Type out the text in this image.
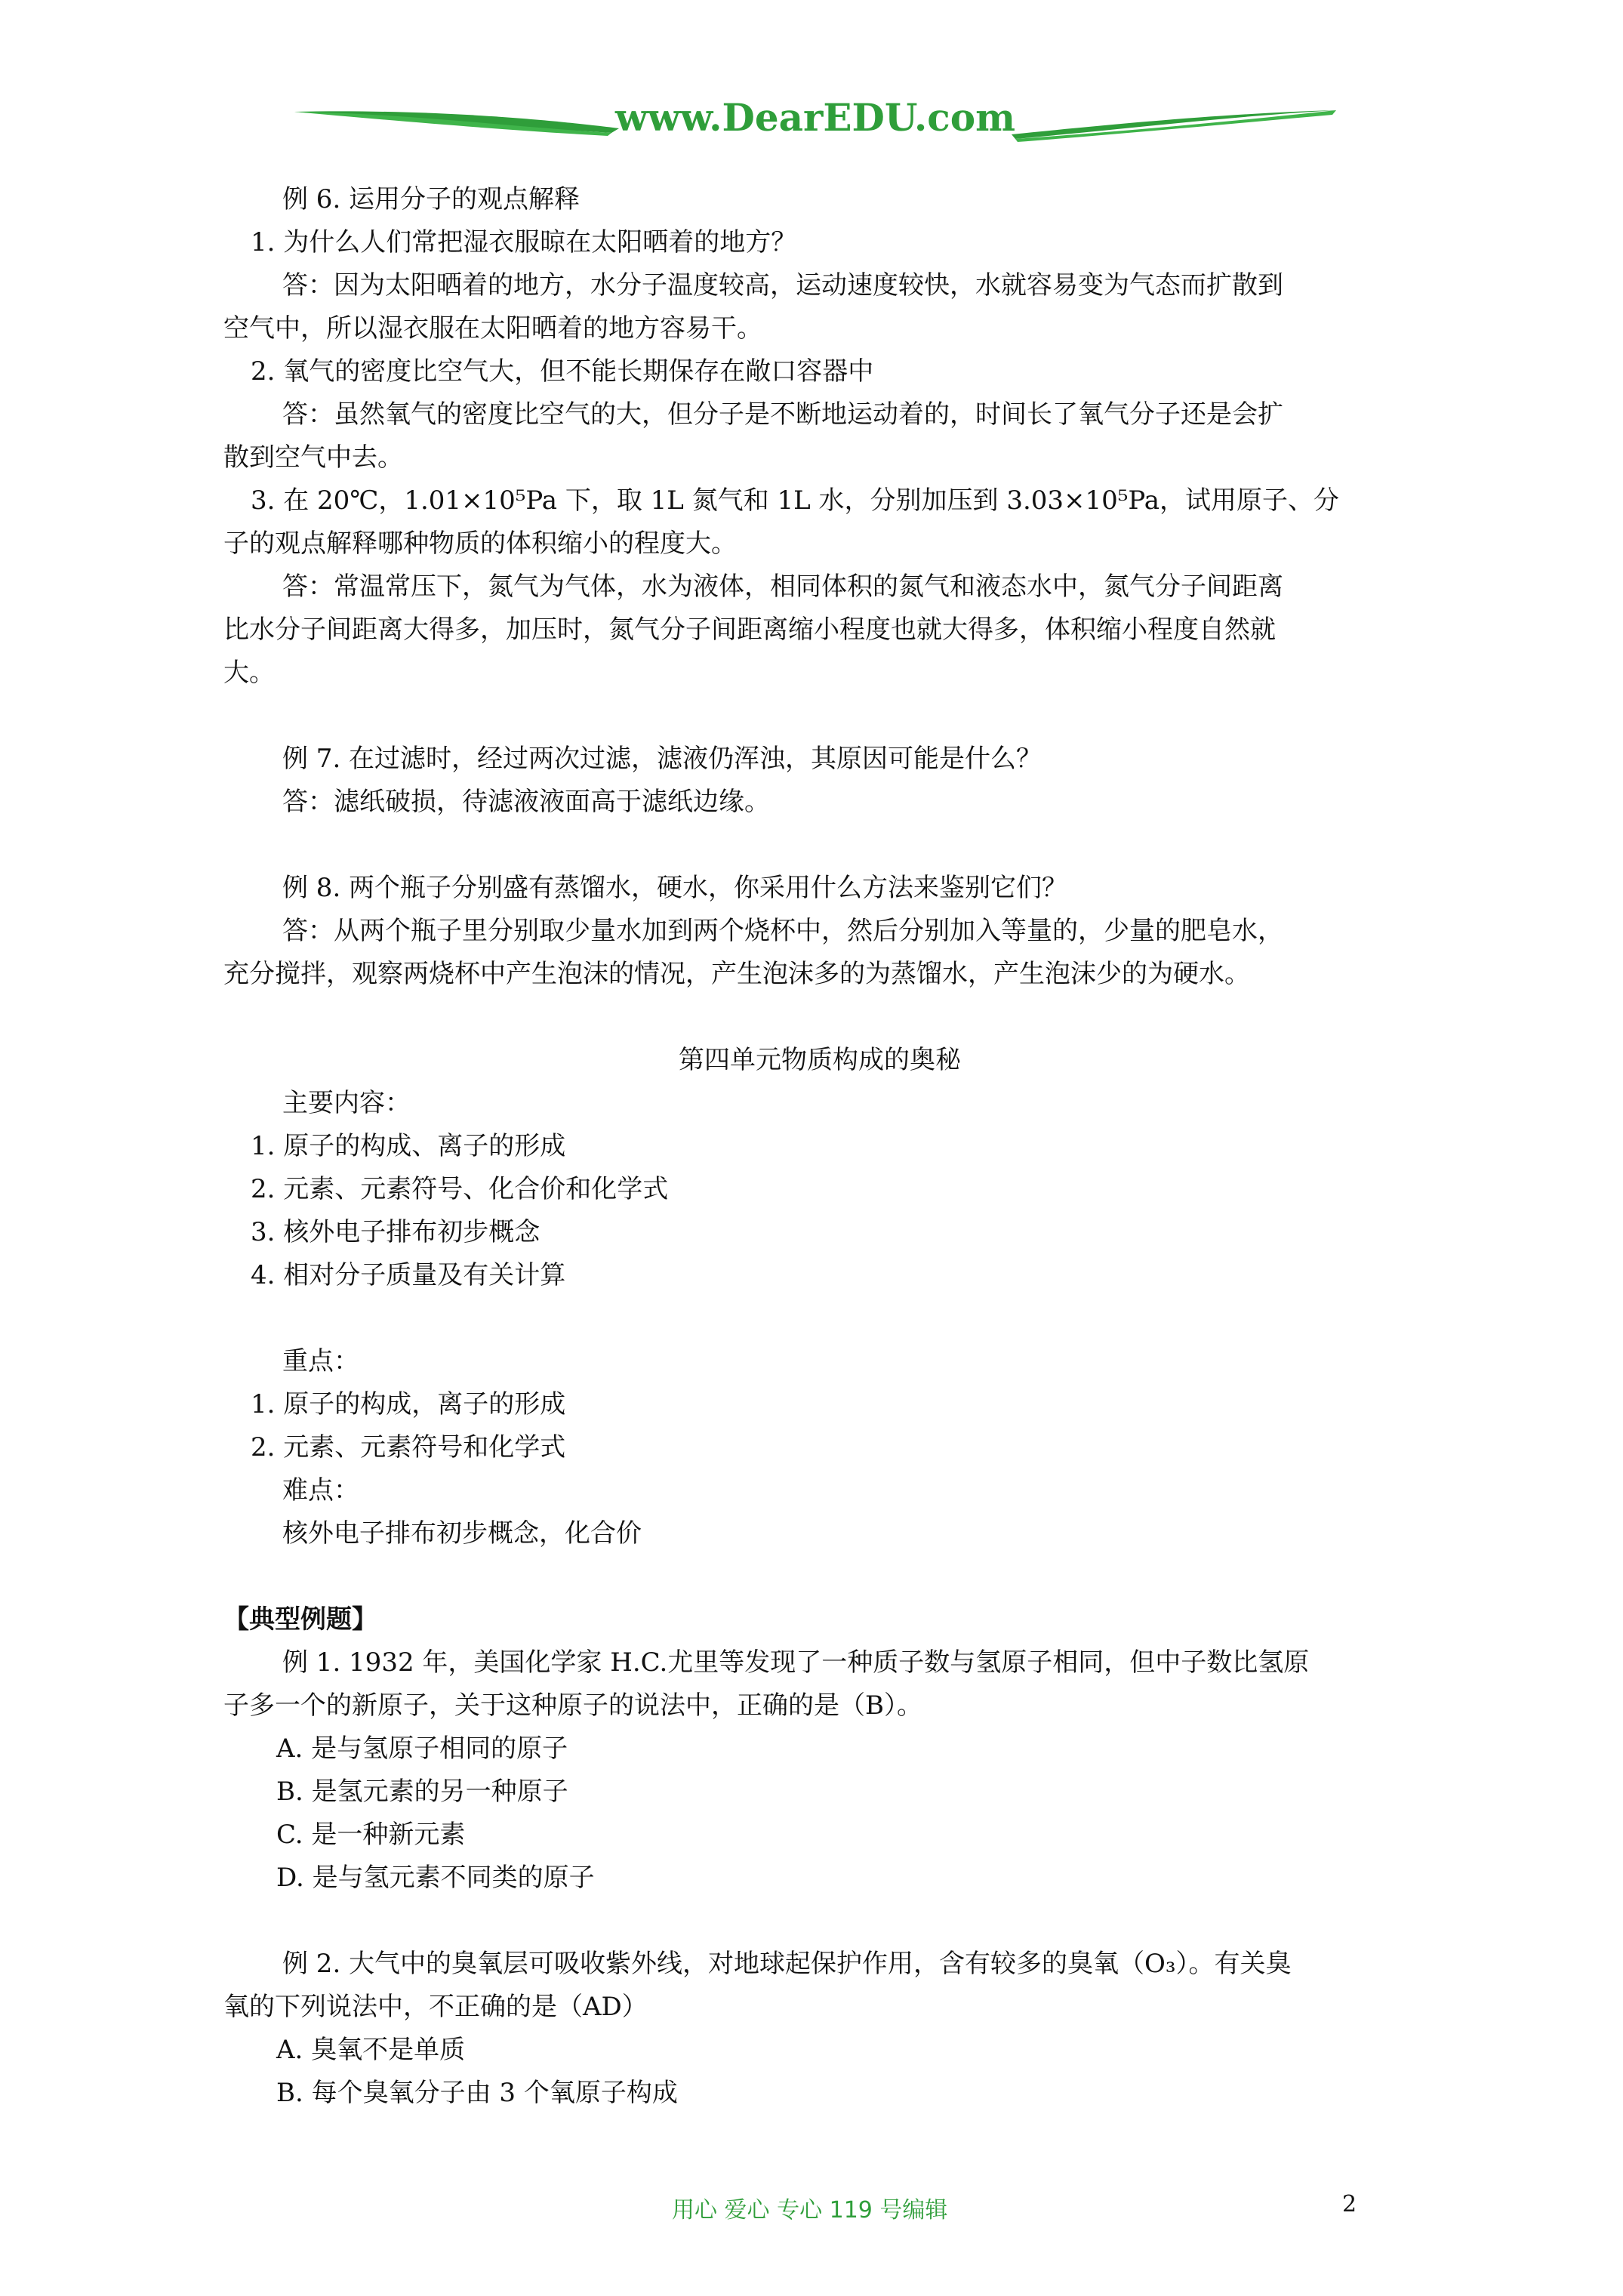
www.DearEDU.com
例 6. 运用分子的观点解释
1. 为什么人们常把湿衣服晾在太阳晒着的地方？
答：因为太阳晒着的地方，水分子温度较高，运动速度较快，水就容易变为气态而扩散到
空气中，所以湿衣服在太阳晒着的地方容易干。
2. 氧气的密度比空气大，但不能长期保存在敞口容器中
答：虽然氧气的密度比空气的大，但分子是不断地运动着的，时间长了氧气分子还是会扩
散到空气中去。
3. 在 20℃，1.01×10⁵Pa 下，取 1L 氮气和 1L 水，分别加压到 3.03×10⁵Pa，试用原子、分
子的观点解释哪种物质的体积缩小的程度大。
答：常温常压下，氮气为气体，水为液体，相同体积的氮气和液态水中，氮气分子间距离
比水分子间距离大得多，加压时，氮气分子间距离缩小程度也就大得多，体积缩小程度自然就
大。
例 7. 在过滤时，经过两次过滤，滤液仍浑浊，其原因可能是什么？
答：滤纸破损，待滤液液面高于滤纸边缘。
例 8. 两个瓶子分别盛有蒸馏水，硬水，你采用什么方法来鉴别它们？
答：从两个瓶子里分别取少量水加到两个烧杯中，然后分别加入等量的，少量的肥皂水，
充分搅拌，观察两烧杯中产生泡沫的情况，产生泡沫多的为蒸馏水，产生泡沫少的为硬水。
第四单元物质构成的奥秘
主要内容：
1. 原子的构成、离子的形成
2. 元素、元素符号、化合价和化学式
3. 核外电子排布初步概念
4. 相对分子质量及有关计算
重点：
1. 原子的构成，离子的形成
2. 元素、元素符号和化学式
难点：
核外电子排布初步概念，化合价
【典型例题】
例 1. 1932 年，美国化学家 H.C.尤里等发现了一种质子数与氢原子相同，但中子数比氢原
子多一个的新原子，关于这种原子的说法中，正确的是（B）。
A. 是与氢原子相同的原子
B. 是氢元素的另一种原子
C. 是一种新元素
D. 是与氢元素不同类的原子
例 2. 大气中的臭氧层可吸收紫外线，对地球起保护作用，含有较多的臭氧（O₃）。有关臭
氧的下列说法中，不正确的是（AD）
A. 臭氧不是单质
B. 每个臭氧分子由 3 个氧原子构成
用心 爱心 专心 119 号编辑	2
